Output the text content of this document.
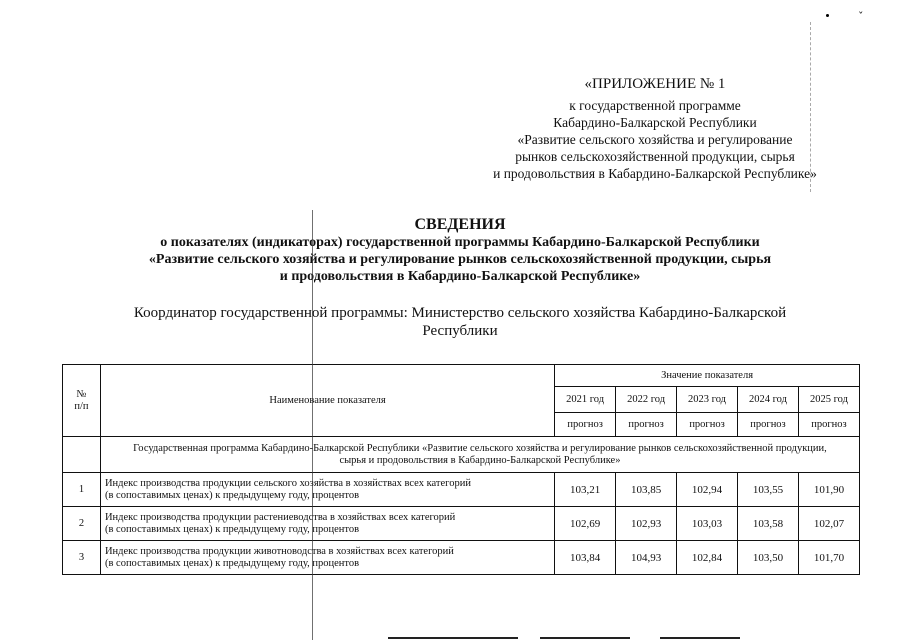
ˇ
«ПРИЛОЖЕНИЕ № 1
к государственной программе
Кабардино-Балкарской Республики
«Развитие сельского хозяйства и регулирование
рынков сельскохозяйственной продукции, сырья
и продовольствия в Кабардино-Балкарской Республике»
СВЕДЕНИЯ
о показателях (индикаторах) государственной программы Кабардино-Балкарской Республики
«Развитие сельского хозяйства и регулирование рынков сельскохозяйственной продукции, сырья
и продовольствия в Кабардино-Балкарской Республике»
Координатор государственной программы: Министерство сельского хозяйства Кабардино-Балкарской
Республики
№
п/п	Наименование показателя	Значение показателя				
		2021 год	2022 год	2023 год	2024 год	2025 год
		прогноз	прогноз	прогноз	прогноз	прогноз
	Государственная программа Кабардино-Балкарской Республики «Развитие сельского хозяйства и регулирование рынков сельскохозяйственной продукции, сырья и продовольствия в Кабардино-Балкарской Республике»					
1	Индекс производства продукции сельского хозяйства в хозяйствах всех категорий
(в сопоставимых ценах) к предыдущему году, процентов	103,21	103,85	102,94	103,55	101,90
2	Индекс производства продукции растениеводства в хозяйствах всех категорий
(в сопоставимых ценах) к предыдущему году, процентов	102,69	102,93	103,03	103,58	102,07
3	Индекс производства продукции животноводства в хозяйствах всех категорий
(в сопоставимых ценах) к предыдущему году, процентов	103,84	104,93	102,84	103,50	101,70
